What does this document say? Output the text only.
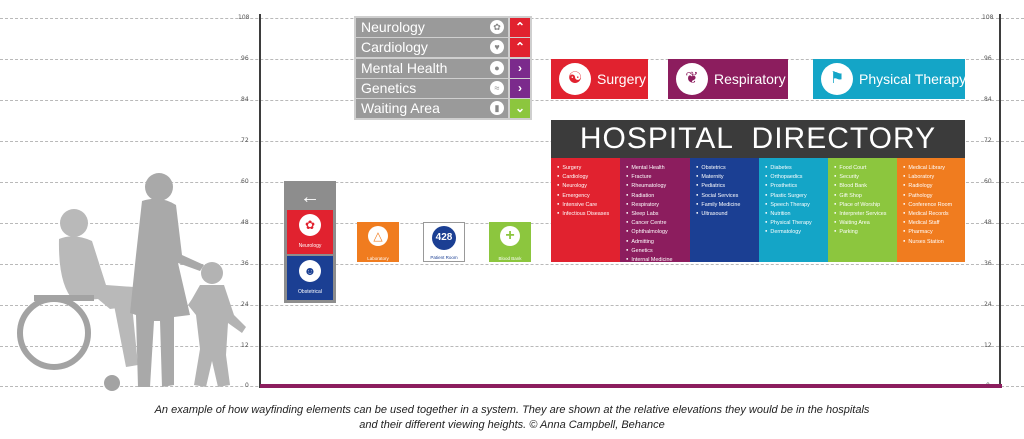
108
96
84
72
60
48
36
24
12
0
108
96
84
72
60
48
36
24
12
←
✿
Neurology
☻
Obstetrical
Neurology	✿	⌃
Cardiology	♥	⌃
Mental Health	●	›
Genetics	≈	›
Waiting Area	▮	⌄
☯	Surgery	❦	Respiratory	⚑	Physical Therapy
HOSPITAL  DIRECTORY
● Surgery
● Cardiology
● Neurology
● Emergency
● Intensive Care
● Infectious Diseases
● Mental Health
● Fracture
● Rheumatology
● Radiation
● Respiratory
● Sleep Labs
● Cancer Centre
● Ophthalmology
● Admitting
● Genetics
● Internal Medicine
● Dental
● Obstetrics
● Maternity
● Pediatrics
● Social Services
● Family Medicine
● Ultrasound
● Diabetes
● Orthopaedics
● Prosthetics
● Plastic Surgery
● Speech Therapy
● Nutrition
● Physical Therapy
● Dermatology
● Food Court
● Security
● Blood Bank
● Gift Shop
● Place of Worship
● Interpreter Services
● Waiting Area
● Parking
● Medical Library
● Laboratory
● Radiology
● Pathology
● Conference Room
● Medical Records
● Medical Staff
● Pharmacy
● Nurses Station
△
Laboratory
428
Patient Room
+
Blood Bank
An example of how wayfinding elements can be used together in a system. They are shown at the relative elevations they would be in the hospitals
and their different viewing heights. © Anna Campbell, Behance
